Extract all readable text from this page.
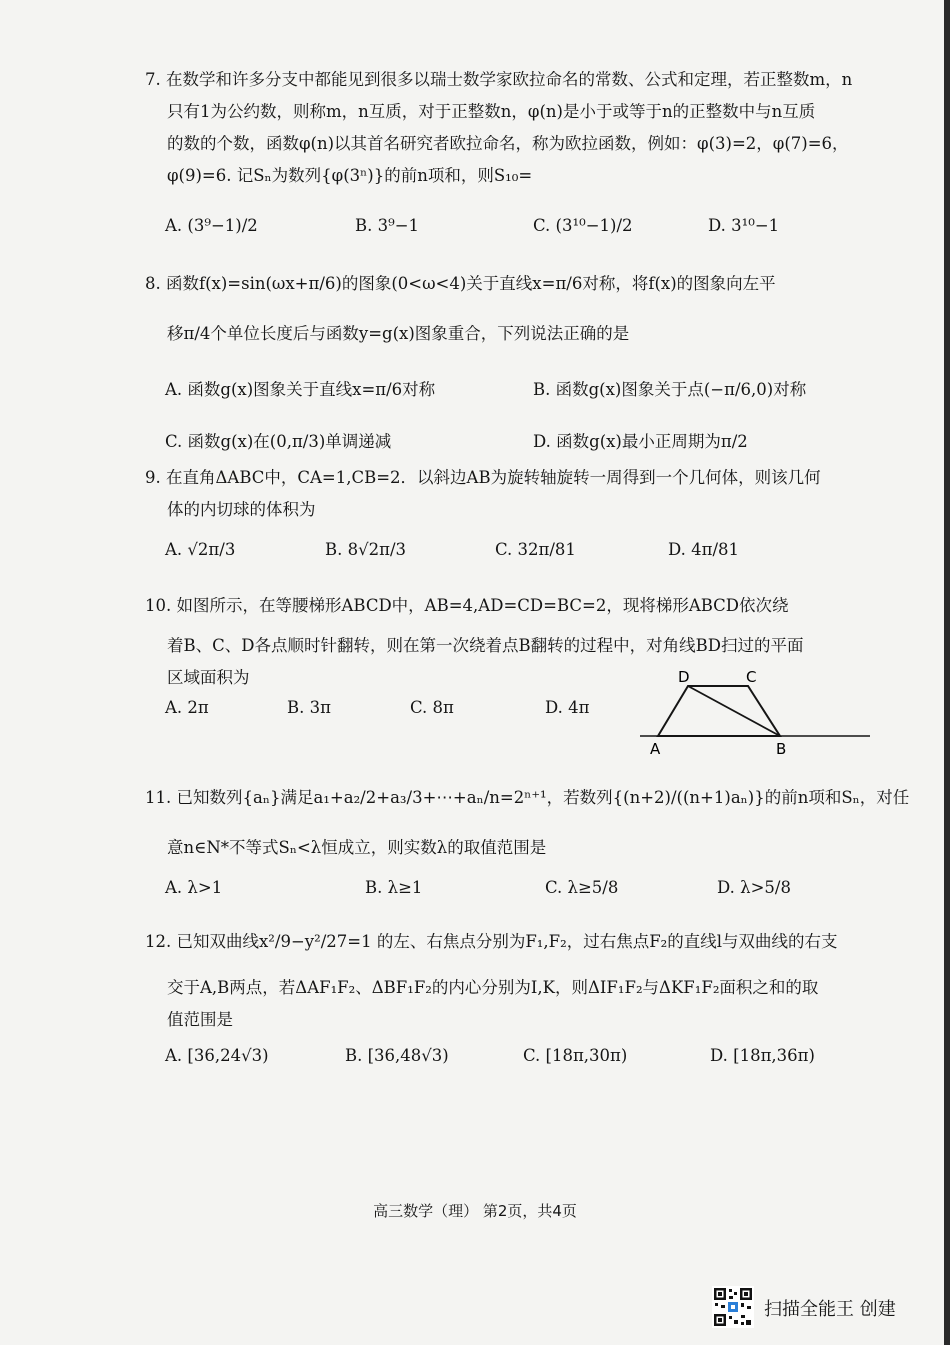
7. 在数学和许多分支中都能见到很多以瑞士数学家欧拉命名的常数、公式和定理，若正整数m，n
只有1为公约数，则称m，n互质，对于正整数n，φ(n)是小于或等于n的正整数中与n互质
的数的个数，函数φ(n)以其首名研究者欧拉命名，称为欧拉函数，例如：φ(3)=2，φ(7)=6，
φ(9)=6. 记Sₙ为数列{φ(3ⁿ)}的前n项和，则S₁₀=
A. (3⁹−1)/2	B. 3⁹−1	C. (3¹⁰−1)/2	D. 3¹⁰−1
8. 函数f(x)=sin(ωx+π/6)的图象(0<ω<4)关于直线x=π/6对称，将f(x)的图象向左平
移π/4个单位长度后与函数y=g(x)图象重合，下列说法正确的是
A. 函数g(x)图象关于直线x=π/6对称	B. 函数g(x)图象关于点(−π/6,0)对称
C. 函数g(x)在(0,π/3)单调递减	D. 函数g(x)最小正周期为π/2
9. 在直角ΔABC中，CA=1,CB=2．以斜边AB为旋转轴旋转一周得到一个几何体，则该几何
体的内切球的体积为
A. √2π/3	B. 8√2π/3	C. 32π/81	D. 4π/81
10. 如图所示，在等腰梯形ABCD中，AB=4,AD=CD=BC=2，现将梯形ABCD依次绕
着B、C、D各点顺时针翻转，则在第一次绕着点B翻转的过程中，对角线BD扫过的平面
区域面积为
A. 2π	B. 3π	C. 8π	D. 4π
D	C
A	B
11. 已知数列{aₙ}满足a₁+a₂/2+a₃/3+⋯+aₙ/n=2ⁿ⁺¹，若数列{(n+2)/((n+1)aₙ)}的前n项和Sₙ，对任
意n∈N*不等式Sₙ<λ恒成立，则实数λ的取值范围是
A. λ>1	B. λ≥1	C. λ≥5/8	D. λ>5/8
12. 已知双曲线x²/9−y²/27=1 的左、右焦点分别为F₁,F₂，过右焦点F₂的直线l与双曲线的右支
交于A,B两点，若ΔAF₁F₂、ΔBF₁F₂的内心分别为I,K，则ΔIF₁F₂与ΔKF₁F₂面积之和的取
值范围是
A. [36,24√3)	B. [36,48√3)	C. [18π,30π)	D. [18π,36π)
高三数学（理） 第2页，共4页
扫描全能王 创建
